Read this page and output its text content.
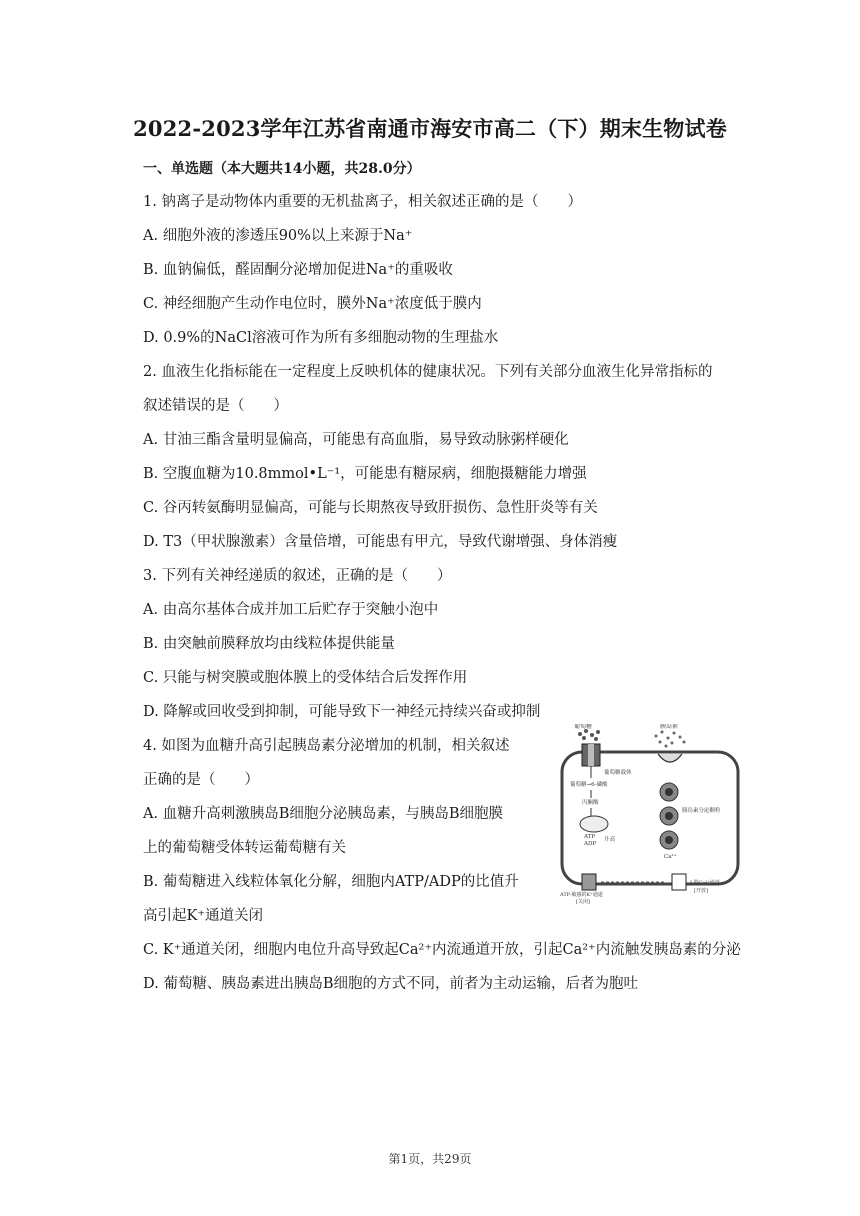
2022-2023学年江苏省南通市海安市高二（下）期末生物试卷
一、单选题（本大题共14小题，共28.0分）
1. 钠离子是动物体内重要的无机盐离子，相关叙述正确的是（　　）
A. 细胞外液的渗透压90%以上来源于Na⁺
B. 血钠偏低，醛固酮分泌增加促进Na⁺的重吸收
C. 神经细胞产生动作电位时，膜外Na⁺浓度低于膜内
D. 0.9%的NaCl溶液可作为所有多细胞动物的生理盐水
2. 血液生化指标能在一定程度上反映机体的健康状况。下列有关部分血液生化异常指标的
叙述错误的是（　　）
A. 甘油三酯含量明显偏高，可能患有高血脂，易导致动脉粥样硬化
B. 空腹血糖为10.8mmol•L⁻¹，可能患有糖尿病，细胞摄糖能力增强
C. 谷丙转氨酶明显偏高，可能与长期熬夜导致肝损伤、急性肝炎等有关
D. T3（甲状腺激素）含量倍增，可能患有甲亢，导致代谢增强、身体消瘦
3. 下列有关神经递质的叙述，正确的是（　　）
A. 由高尔基体合成并加工后贮存于突触小泡中
B. 由突触前膜释放均由线粒体提供能量
C. 只能与树突膜或胞体膜上的受体结合后发挥作用
D. 降解或回收受到抑制，可能导致下一神经元持续兴奋或抑制
4. 如图为血糖升高引起胰岛素分泌增加的机制，相关叙述
正确的是（　　）
A. 血糖升高刺激胰岛B细胞分泌胰岛素，与胰岛B细胞膜
上的葡萄糖受体转运葡萄糖有关
B. 葡萄糖进入线粒体氧化分解，细胞内ATP/ADP的比值升
高引起K⁺通道关闭
C. K⁺通道关闭，细胞内电位升高导致起Ca²⁺内流通道开放，引起Ca²⁺内流触发胰岛素的分泌
D. 葡萄糖、胰岛素进出胰岛B细胞的方式不同，前者为主动运输，后者为胞吐
葡萄糖	胰岛素
葡萄糖载体
葡萄糖→6-磷酸
丙酮酸
ATP
ADP
升高
胰岛素分泌颗粒
Ca²⁺
ATP-敏感的K⁺通道
[关闭]
L型Ca²⁺通道
[开放]
第1页，共29页
